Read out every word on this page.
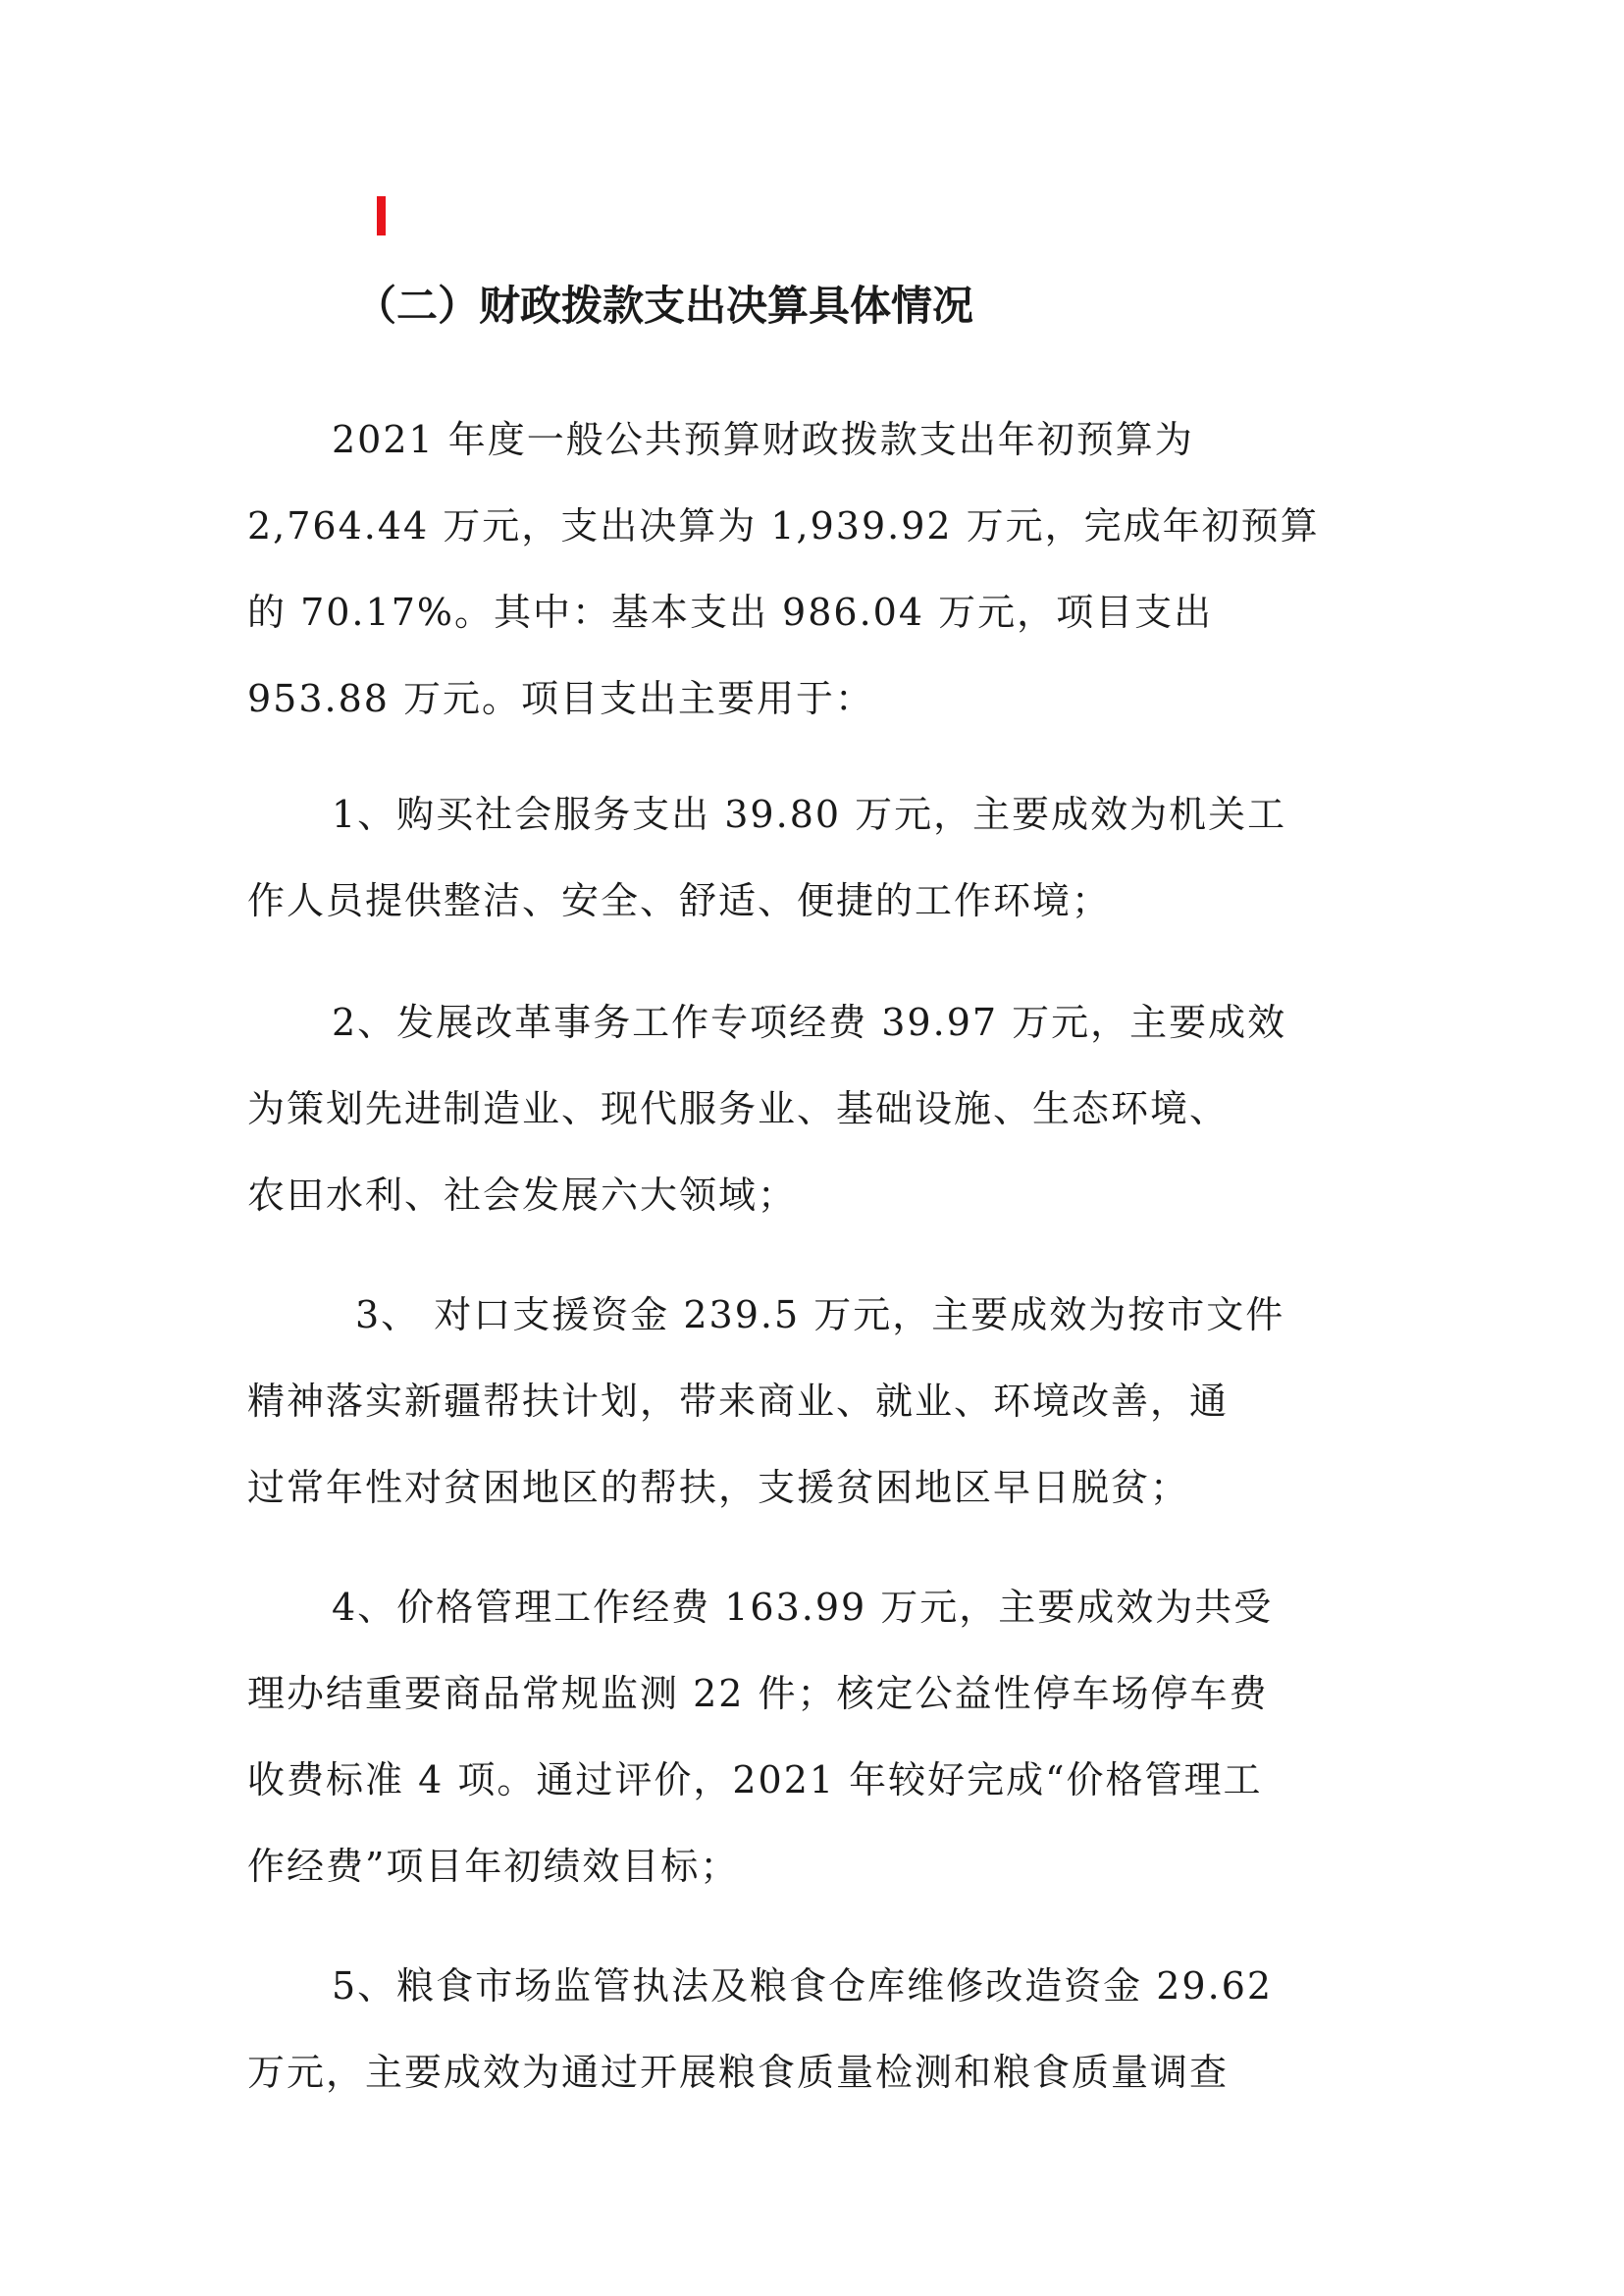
（二）财政拨款支出决算具体情况

2021 年度一般公共预算财政拨款支出年初预算为
2,764.44 万元，支出决算为 1,939.92 万元，完成年初预算
的 70.17%。其中：基本支出 986.04 万元，项目支出
953.88 万元。项目支出主要用于：

1、购买社会服务支出 39.80 万元，主要成效为机关工
作人员提供整洁、安全、舒适、便捷的工作环境；

2、发展改革事务工作专项经费 39.97 万元，主要成效
为策划先进制造业、现代服务业、基础设施、生态环境、
农田水利、社会发展六大领域；

3、 对口支援资金 239.5 万元，主要成效为按市文件
精神落实新疆帮扶计划，带来商业、就业、环境改善，通
过常年性对贫困地区的帮扶，支援贫困地区早日脱贫；

4、价格管理工作经费 163.99 万元，主要成效为共受
理办结重要商品常规监测 22 件；核定公益性停车场停车费
收费标准 4 项。通过评价，2021 年较好完成“价格管理工
作经费”项目年初绩效目标；

5、粮食市场监管执法及粮食仓库维修改造资金 29.62
万元，主要成效为通过开展粮食质量检测和粮食质量调查
